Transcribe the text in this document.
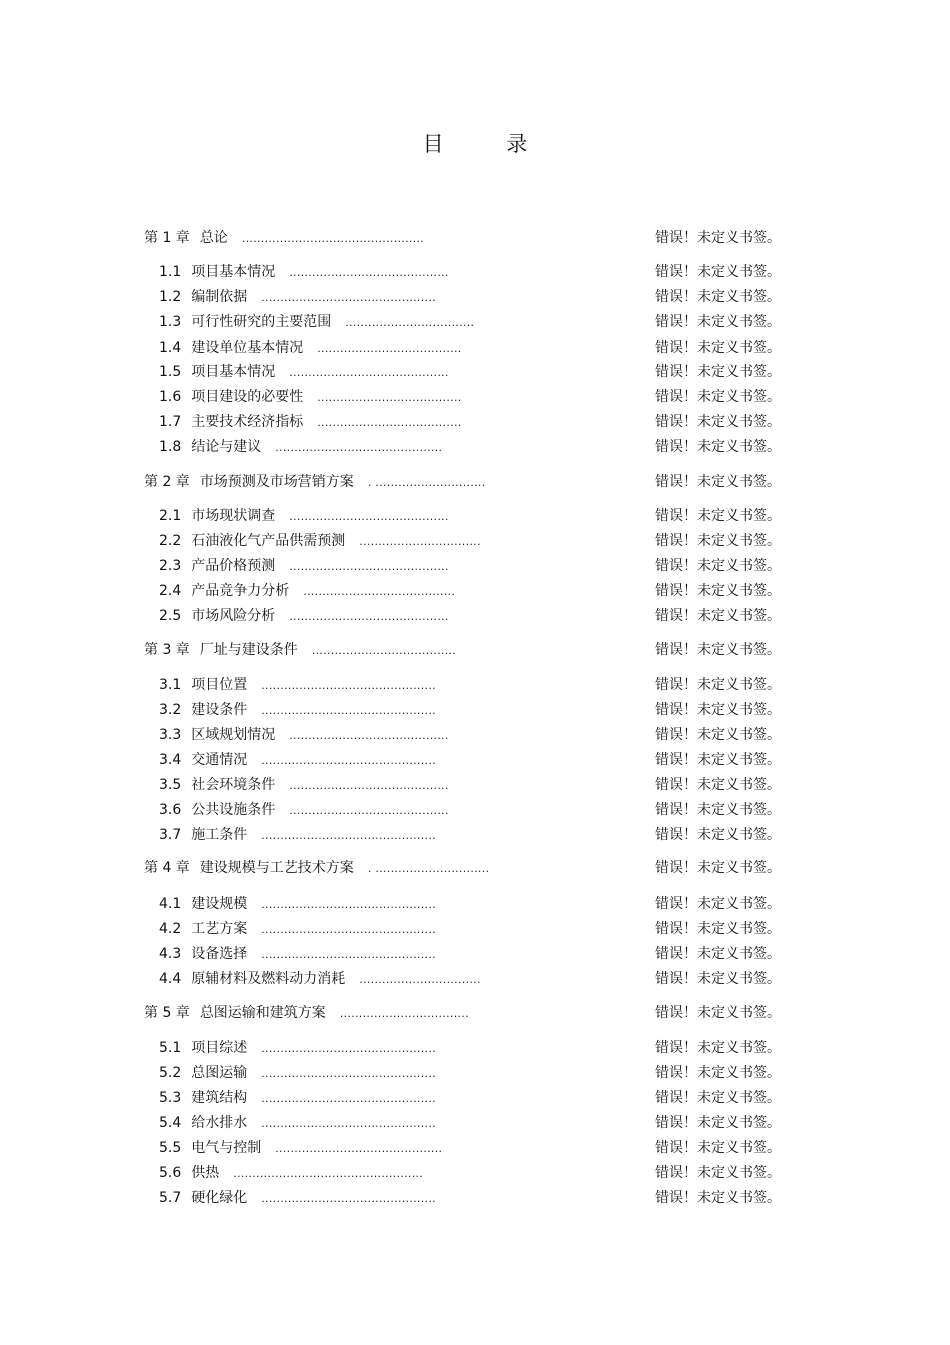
目 录
第 1 章 总论 ................................................	错误！未定义书签。
1.1 项目基本情况 ..........................................	错误！未定义书签。
1.2 编制依据 ..............................................	错误！未定义书签。
1.3 可行性研究的主要范围 ..................................	错误！未定义书签。
1.4 建设单位基本情况 ......................................	错误！未定义书签。
1.5 项目基本情况 ..........................................	错误！未定义书签。
1.6 项目建设的必要性 ......................................	错误！未定义书签。
1.7 主要技术经济指标 ......................................	错误！未定义书签。
1.8 结论与建议 ............................................	错误！未定义书签。
第 2 章 市场预测及市场营销方案 . .............................	错误！未定义书签。
2.1 市场现状调查 ..........................................	错误！未定义书签。
2.2 石油液化气产品供需预测 ................................	错误！未定义书签。
2.3 产品价格预测 ..........................................	错误！未定义书签。
2.4 产品竞争力分析 ........................................	错误！未定义书签。
2.5 市场风险分析 ..........................................	错误！未定义书签。
第 3 章 厂址与建设条件 ......................................	错误！未定义书签。
3.1 项目位置 ..............................................	错误！未定义书签。
3.2 建设条件 ..............................................	错误！未定义书签。
3.3 区域规划情况 ..........................................	错误！未定义书签。
3.4 交通情况 ..............................................	错误！未定义书签。
3.5 社会环境条件 ..........................................	错误！未定义书签。
3.6 公共设施条件 ..........................................	错误！未定义书签。
3.7 施工条件 ..............................................	错误！未定义书签。
第 4 章 建设规模与工艺技术方案 . ..............................	错误！未定义书签。
4.1 建设规模 ..............................................	错误！未定义书签。
4.2 工艺方案 ..............................................	错误！未定义书签。
4.3 设备选择 ..............................................	错误！未定义书签。
4.4 原辅材料及燃料动力消耗 ................................	错误！未定义书签。
第 5 章 总图运输和建筑方案 ..................................	错误！未定义书签。
5.1 项目综述 ..............................................	错误！未定义书签。
5.2 总图运输 ..............................................	错误！未定义书签。
5.3 建筑结构 ..............................................	错误！未定义书签。
5.4 给水排水 ..............................................	错误！未定义书签。
5.5 电气与控制 ............................................	错误！未定义书签。
5.6 供热 ..................................................	错误！未定义书签。
5.7 硬化绿化 ..............................................	错误！未定义书签。
